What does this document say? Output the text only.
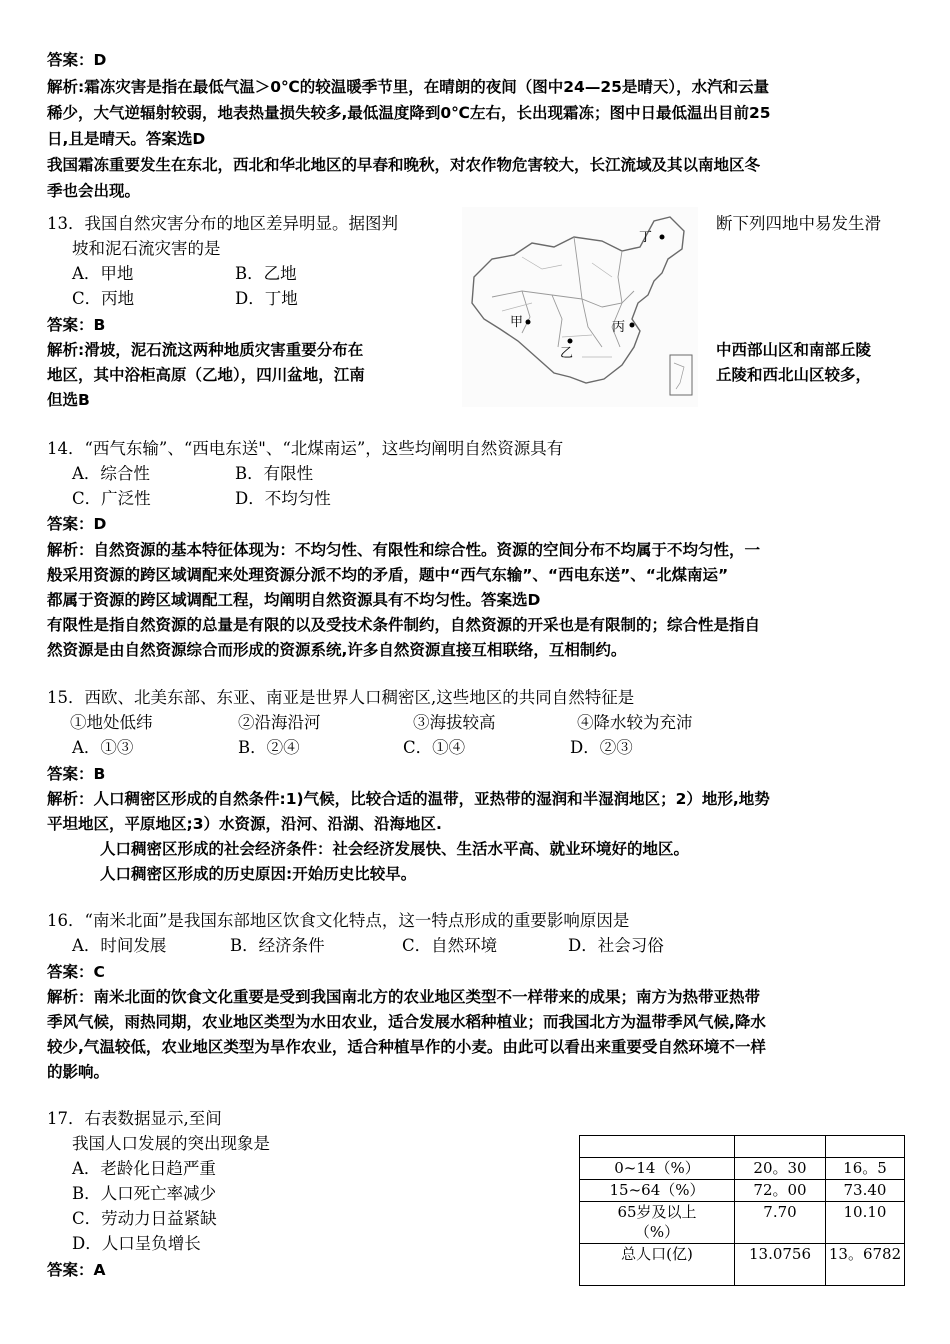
答案：D
解析:霜冻灾害是指在最低气温＞0℃的较温暖季节里，在晴朗的夜间（图中24—25是晴天），水汽和云量
稀少，大气逆辐射较弱，地表热量损失较多,最低温度降到0℃左右，长出现霜冻；图中日最低温出目前25
日,且是晴天。答案选D
我国霜冻重要发生在东北，西北和华北地区的早春和晚秋，对农作物危害较大，长江流域及其以南地区冬
季也会出现。
13．我国自然灾害分布的地区差异明显。据图判	断下列四地中易发生滑
坡和泥石流灾害的是
A．甲地	B．乙地
C．丙地	D．丁地
答案：B
解析:滑坡，泥石流这两种地质灾害重要分布在	中西部山区和南部丘陵
地区，其中浴柜高原（乙地），四川盆地，江南	丘陵和西北山区较多，
但选B
丁
甲
乙
丙
14．“西气东输”、“西电东送"、“北煤南运”，这些均阐明自然资源具有
A．综合性	B．有限性
C．广泛性	D．不均匀性
答案：D
解析：自然资源的基本特征体现为：不均匀性、有限性和综合性。资源的空间分布不均属于不均匀性，一
般采用资源的跨区域调配来处理资源分派不均的矛盾，题中“西气东输”、“西电东送”、“北煤南运”
都属于资源的跨区域调配工程，均阐明自然资源具有不均匀性。答案选D
有限性是指自然资源的总量是有限的以及受技术条件制约，自然资源的开采也是有限制的；综合性是指自
然资源是由自然资源综合而形成的资源系统,许多自然资源直接互相联络，互相制约。
15．西欧、北美东部、东亚、南亚是世界人口稠密区,这些地区的共同自然特征是
①地处低纬	②沿海沿河	③海拔较高	④降水较为充沛
A．①③	B．②④	C．①④	D．②③
答案：B
解析：人口稠密区形成的自然条件:1)气候，比较合适的温带，亚热带的湿润和半湿润地区；2）地形,地势
平坦地区，平原地区;3）水资源，沿河、沿湖、沿海地区.
人口稠密区形成的社会经济条件：社会经济发展快、生活水平高、就业环境好的地区。
人口稠密区形成的历史原因:开始历史比较早。
16．“南米北面”是我国东部地区饮食文化特点，这一特点形成的重要影响原因是
A．时间发展	B．经济条件	C．自然环境	D．社会习俗
答案：C
解析：南米北面的饮食文化重要是受到我国南北方的农业地区类型不一样带来的成果；南方为热带亚热带
季风气候，雨热同期，农业地区类型为水田农业，适合发展水稻种植业；而我国北方为温带季风气候,降水
较少,气温较低，农业地区类型为旱作农业，适合种植旱作的小麦。由此可以看出来重要受自然环境不一样
的影响。
17．右表数据显示,至间
我国人口发展的突出现象是
A．老龄化日趋严重
B．人口死亡率减少
C．劳动力日益紧缺
D．人口呈负增长
答案：A

0~14（%）	20。30	16。5
15~64（%）	72。00	73.40
65岁及以上（%）	7.70	10.10
总人口(亿)	13.0756	13。6782
